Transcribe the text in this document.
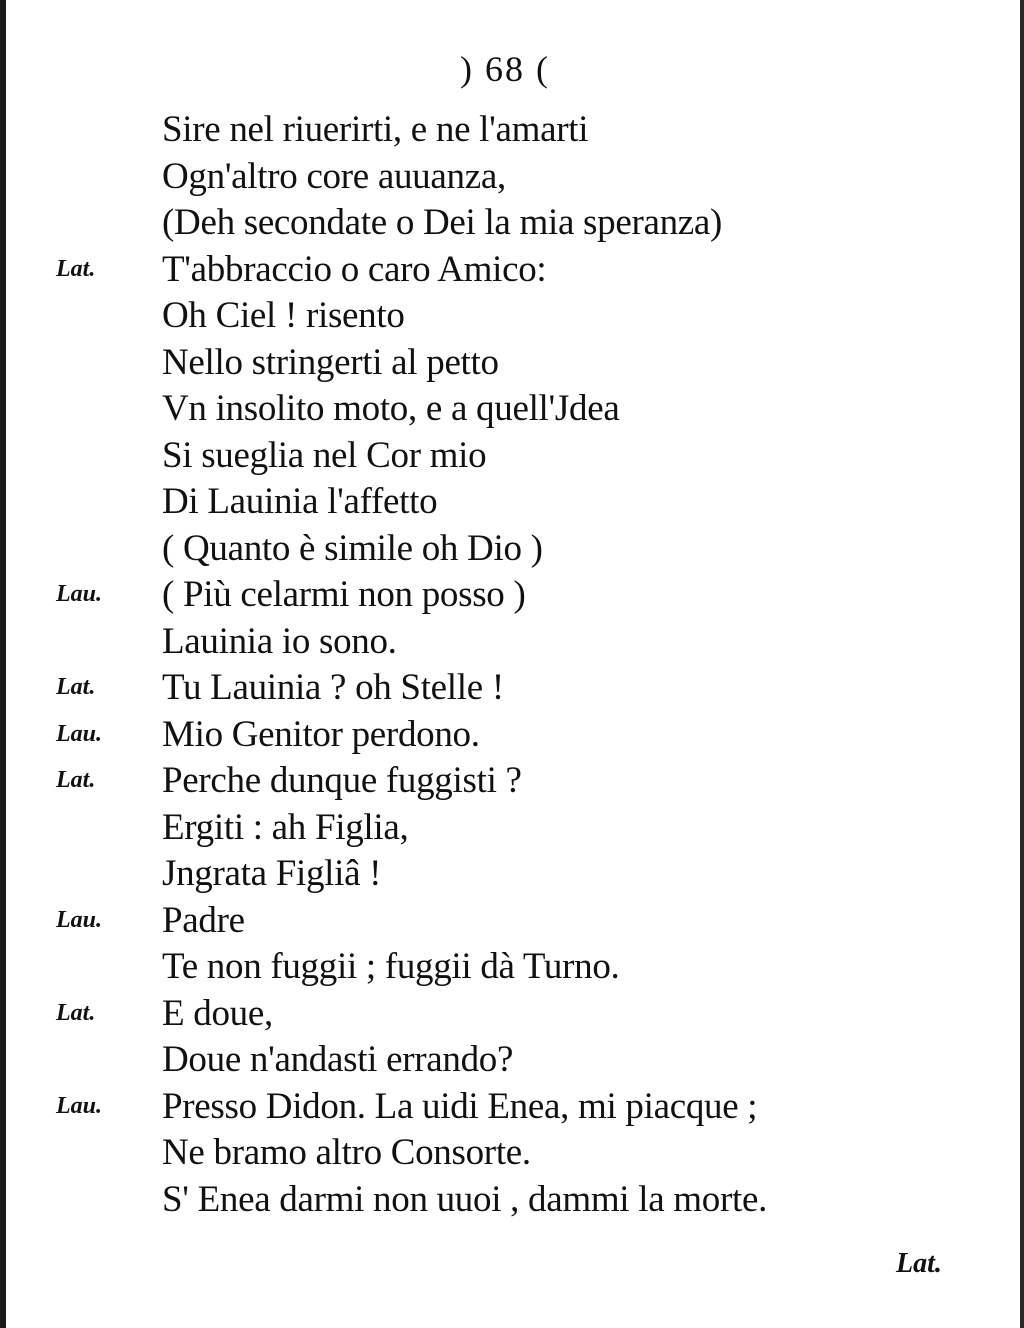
) 68 (
Sire nel riuerirti, e ne l'amarti
Ogn'altro core auuanza,
(Deh secondate o Dei la mia speranza)
Lat. T'abbraccio o caro Amico:
Oh Ciel ! risento
Nello stringerti al petto
Vn insolito moto, e a quell'Jdea
Si sueglia nel Cor mio
Di Lauinia l'affetto
( Quanto è simile oh Dio )
Lau. ( Più celarmi non posso )
Lauinia io sono.
Lat. Tu Lauinia ? oh Stelle !
Lau. Mio Genitor perdono.
Lat. Perche dunque fuggisti ?
Ergiti : ah Figlia,
Jngrata Figliâ !
Lau. Padre
Te non fuggii ; fuggii dà Turno.
Lat. E doue,
Doue n'andasti errando?
Lau. Presso Didon. La uidi Enea, mi piacque ;
Ne bramo altro Consorte.
S' Enea darmi non uuoi , dammi la morte.
Lat.
